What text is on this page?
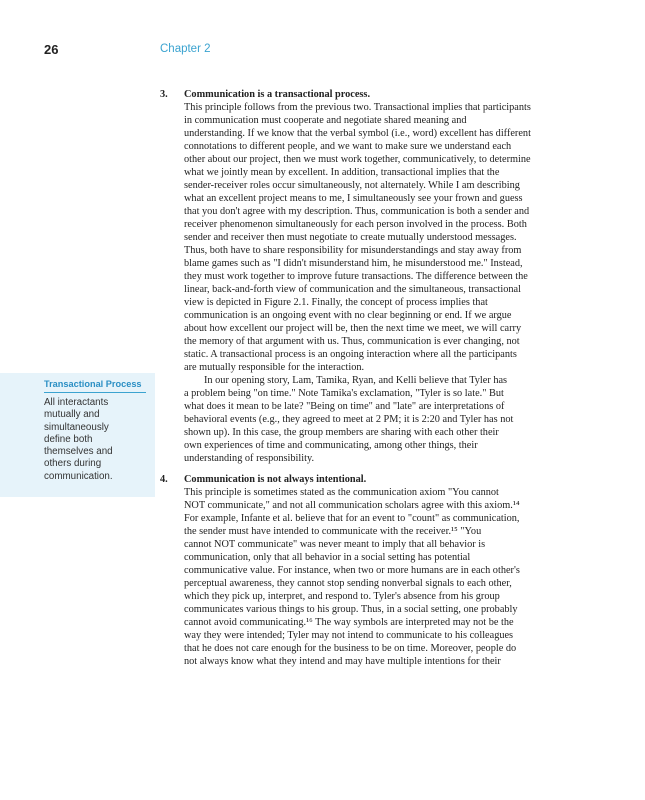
26	Chapter 2
Transactional Process
All interactants
mutually and
simultaneously
define both
themselves and
others during
communication.
3. Communication is a transactional process.
This principle follows from the previous two. Transactional implies that participants
in communication must cooperate and negotiate shared meaning and
understanding. If we know that the verbal symbol (i.e., word) excellent has different
connotations to different people, and we want to make sure we understand each
other about our project, then we must work together, communicatively, to determine
what we jointly mean by excellent. In addition, transactional implies that the
sender-receiver roles occur simultaneously, not alternately. While I am describing
what an excellent project means to me, I simultaneously see your frown and guess
that you don't agree with my description. Thus, communication is both a sender and
receiver phenomenon simultaneously for each person involved in the process. Both
sender and receiver then must negotiate to create mutually understood messages.
Thus, both have to share responsibility for misunderstandings and stay away from
blame games such as "I didn't misunderstand him, he misunderstood me." Instead,
they must work together to improve future transactions. The difference between the
linear, back-and-forth view of communication and the simultaneous, transactional
view is depicted in Figure 2.1. Finally, the concept of process implies that
communication is an ongoing event with no clear beginning or end. If we argue
about how excellent our project will be, then the next time we meet, we will carry
the memory of that argument with us. Thus, communication is ever changing, not
static. A transactional process is an ongoing interaction where all the participants
are mutually responsible for the interaction.
In our opening story, Lam, Tamika, Ryan, and Kelli believe that Tyler has
a problem being "on time." Note Tamika's exclamation, "Tyler is so late." But
what does it mean to be late? "Being on time" and "late" are interpretations of
behavioral events (e.g., they agreed to meet at 2 PM; it is 2:20 and Tyler has not
shown up). In this case, the group members are sharing with each other their
own experiences of time and communicating, among other things, their
understanding of responsibility.
4. Communication is not always intentional.
This principle is sometimes stated as the communication axiom "You cannot
NOT communicate," and not all communication scholars agree with this axiom.¹⁴
For example, Infante et al. believe that for an event to "count" as communication,
the sender must have intended to communicate with the receiver.¹⁵ "You
cannot NOT communicate" was never meant to imply that all behavior is
communication, only that all behavior in a social setting has potential
communicative value. For instance, when two or more humans are in each other's
perceptual awareness, they cannot stop sending nonverbal signals to each other,
which they pick up, interpret, and respond to. Tyler's absence from his group
communicates various things to his group. Thus, in a social setting, one probably
cannot avoid communicating.¹⁶ The way symbols are interpreted may not be the
way they were intended; Tyler may not intend to communicate to his colleagues
that he does not care enough for the business to be on time. Moreover, people do
not always know what they intend and may have multiple intentions for their
